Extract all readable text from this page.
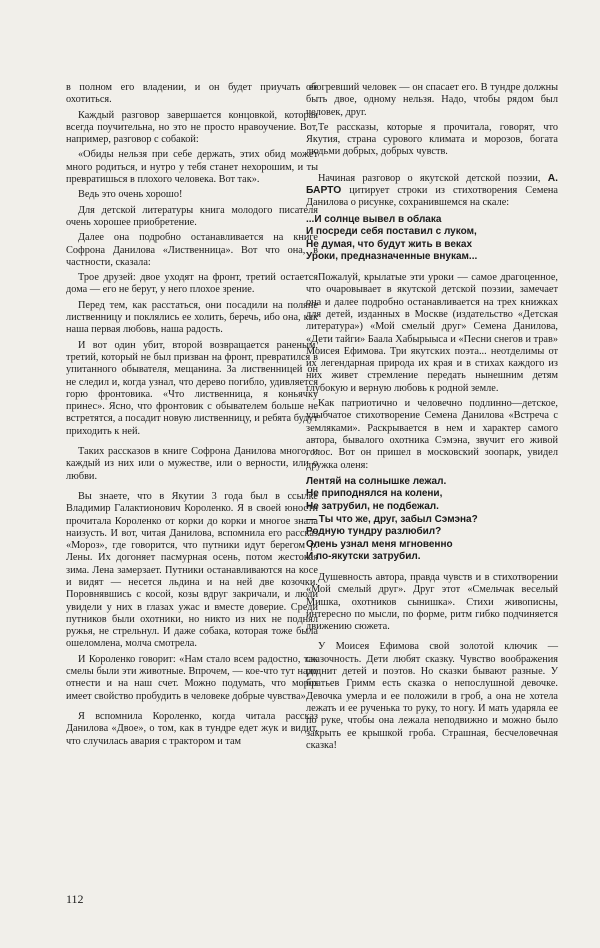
в полном его владении, и он будет приучать ее охотиться.

Каждый разговор завершается концовкой, которая всегда поучительна, но это не просто нравоучение. Вот, например, разговор с собакой:

«Обиды нельзя при себе держать, этих обид может много родиться, и нутро у тебя станет нехорошим, и ты превратишься в плохого человека. Вот так».

Ведь это очень хорошо!

Для детской литературы книга молодого писателя очень хорошее приобретение.

Далее она подробно останавливается на книге Софрона Данилова «Лиственница». Вот что она, в частности, сказала:

Трое друзей: двое уходят на фронт, третий остается дома — его не берут, у него плохое зрение.

Перед тем, как расстаться, они посадили на поляне лиственницу и поклялись ее холить, беречь, ибо она, как наша первая любовь, наша радость.

И вот один убит, второй возвращается раненым, третий, который не был призван на фронт, превратился в упитанного обывателя, мещанина. За лиственницей он не следил и, когда узнал, что дерево погибло, удивляется горю фронтовика. «Что лиственница, я коньячку принес». Ясно, что фронтовик с обывателем больше не встретятся, а посадит новую лиственницу, и ребята будут приходить к ней.

Таких рассказов в книге Софрона Данилова много, и каждый из них или о мужестве, или о верности, или о любви.

Вы знаете, что в Якутии 3 года был в ссылке Владимир Галактионович Короленко. Я в своей юности прочитала Короленко от корки до корки и многое знала наизусть. И вот, читая Данилова, вспомнила его рассказ «Мороз», где говорится, что путники идут берегом р. Лены. Их догоняет пасмурная осень, потом жестокая зима. Лена замерзает. Путники останавливаются на косе и видят — несется льдина и на ней две козочки. Поровнявшись с косой, козы вдруг закричали, и люди увидели у них в глазах ужас и вместе доверие. Среди путников были охотники, но никто из них не поднял ружья, не стрельнул. И даже собака, которая тоже была ошеломлена, молча смотрела.

И Короленко говорит: «Нам стало всем радостно, так смелы были эти животные. Впрочем, — кое-что тут надо отнести и на наш счет. Можно подумать, что мороз имеет свойство пробудить в человеке добрые чувства».

Я вспомнила Короленко, когда читала рассказ Данилова «Двое», о том, как в тундре едет жук и видит, что случилась авария с трактором и там

обогревший человек — он спасает его. В тундре должны быть двое, одному нельзя. Надо, чтобы рядом был человек, друг.

Те рассказы, которые я прочитала, говорят, что Якутия, страна сурового климата и морозов, богата людьми добрых, добрых чувств.

Начиная разговор о якутской детской поэзии, А. БАРТО цитирует строки из стихотворения Семена Данилова о рисунке, сохранившемся на скале:

...И солнце вывел в облака
И посреди себя поставил с луком,
Не думая, что будут жить в веках
Уроки, предназначенные внукам...

Пожалуй, крылатые эти уроки — самое драгоценное, что очаровывает в якутской детской поэзии, замечает она и далее подробно останавливается на трех книжках для детей, изданных в Москве (издательство «Детская литература») «Мой смелый друг» Семена Данилова, «Дети тайги» Баала Хабырыыса и «Песни снегов и трав» Моисея Ефимова. Три якутских поэта... неотделимы от их легендарная природа их края и в стихах каждого из них живет стремление передать нынешним детям глубокую и верную любовь к родной земле.

Как патриотично и человечно подлинно—детское, улыбчатое стихотворение Семена Данилова «Встреча с земляками». Раскрывается в нем и характер самого автора, бывалого охотника Сэмэна, звучит его живой голос. Вот он пришел в московский зоопарк, увидел дружка оленя:

Лентяй на солнышке лежал.
Не приподнялся на колени,
Не затрубил, не подбежал.
— Ты что же, друг, забыл Сэмэна?
Родную тундру разлюбил?
Олень узнал меня мгновенно
И по-якутски затрубил.

Душевность автора, правда чувств и в стихотворении «Мой смелый друг». Друг этот «Смельчак веселый Мишка, охотников сынишка». Стихи живописны, интересно по мысли, по форме, ритм гибко подчиняется движению сюжета.

У Моисея Ефимова свой золотой ключик — сказочность. Дети любят сказку. Чувство воображения роднит детей и поэтов. Но сказки бывают разные. У братьев Гримм есть сказка о непослушной девочке. Девочка умерла и ее положили в гроб, а она не хотела лежать и ее рученька то руку, то ногу. И мать ударяла ее по руке, чтобы она лежала неподвижно и можно было закрыть ее крышкой гроба. Страшная, бесчеловечная сказка!

112
